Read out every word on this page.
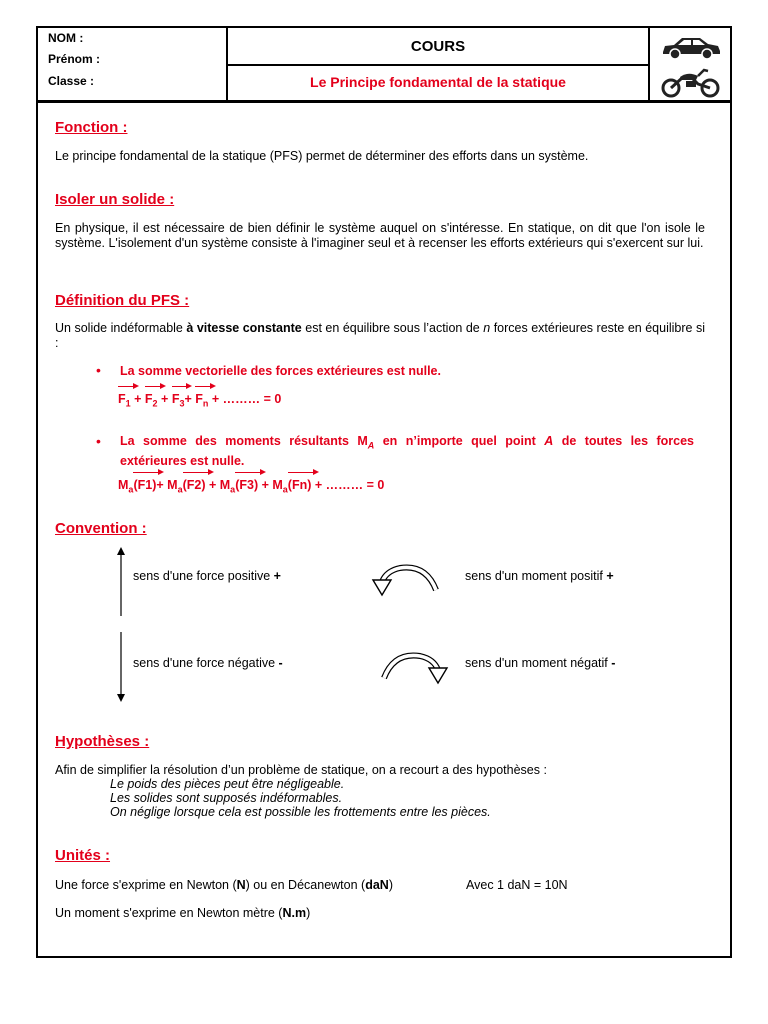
NOM :
Prénom :
Classe :
COURS
Le Principe fondamental de la statique
Fonction :
Le principe fondamental de la statique (PFS) permet de déterminer des efforts dans un système.
Isoler un solide :
En physique, il est nécessaire de bien définir le système auquel on s'intéresse. En statique, on dit que l'on isole le système. L'isolement d'un système consiste à l'imaginer seul et à recenser les efforts extérieurs qui s'exercent sur lui.
Définition du PFS :
Un solide indéformable à vitesse constante est en équilibre sous l’action de n forces extérieures reste en équilibre si :
• La somme vectorielle des forces extérieures est nulle.
$F_1 + F_2 + F_3+ F_n$ + ……… = 0
• La somme des moments résultants $M_A$ en n’importe quel point A de toutes les forces extérieures est nulle.
$M_a(F1)+ M_a(F2) + M_a(F3) + M_a(Fn)$ + ……… = 0
Convention :
sens d'une force positive +	sens d'un moment positif +
sens d'une force négative -	sens d'un moment négatif -
Hypothèses :
Afin de simplifier la résolution d’un problème de statique, on a recourt a des hypothèses :
Le poids des pièces peut être négligeable.
Les solides sont supposés indéformables.
On néglige lorsque cela est possible les frottements entre les pièces.
Unités :
Une force s'exprime en Newton (N) ou en Décanewton (daN)	Avec 1 daN = 10N
Un moment s'exprime en Newton mètre (N.m)
